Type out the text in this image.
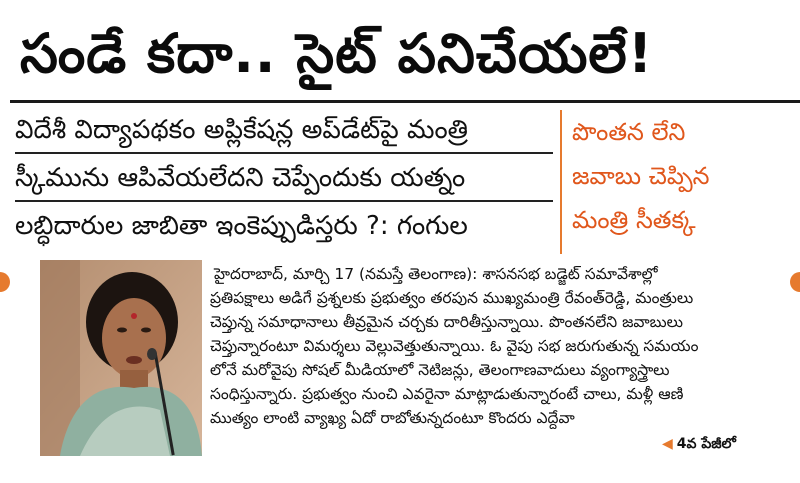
సండే కదా.. సైట్ పనిచేయలే!
విదేశీ విద్యాపథకం అప్లికేషన్ల అప్‌డేట్‌పై మంత్రి
స్కీమును ఆపివేయలేదని చెప్పేందుకు యత్నం
లబ్ధిదారుల జాబితా ఇంకెప్పుడిస్తరు ?: గంగుల
పొంతన లేని
జవాబు చెప్పిన
మంత్రి సీతక్క
హైదరాబాద్, మార్చి 17 (నమస్తే తెలంగాణ): శాసనసభ బడ్జెట్ సమావేశాల్లో
ప్రతిపక్షాలు అడిగే ప్రశ్నలకు ప్రభుత్వం తరపున ముఖ్యమంత్రి రేవంత్‌రెడ్డి, మంత్రులు
చెప్తున్న సమాధానాలు తీవ్రమైన చర్చకు దారితీస్తున్నాయి. పొంతనలేని జవాబులు
చెప్తున్నారంటూ విమర్శలు వెల్లువెత్తుతున్నాయి. ఓ వైపు సభ జరుగుతున్న సమయం
లోనే మరోవైపు సోషల్ మీడియాలో నెటిజన్లు, తెలంగాణవాదులు వ్యంగ్యాస్త్రాలు
సంధిస్తున్నారు. ప్రభుత్వం నుంచి ఎవరైనా మాట్లాడుతున్నారంటే చాలు, మళ్లీ ఆణి
ముత్యం లాంటి వ్యాఖ్య ఏదో రాబోతున్నదంటూ కొందరు ఎద్దేవా
◀ 4వ పేజీలో
